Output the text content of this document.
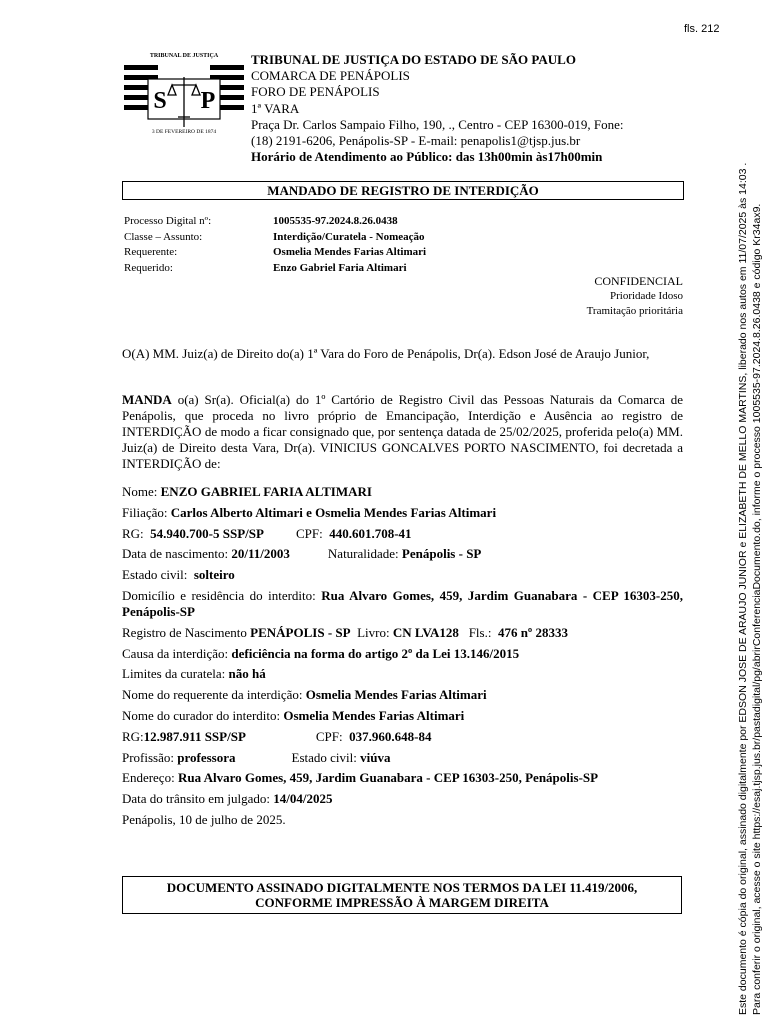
fls. 212
TRIBUNAL DE JUSTIÇA
S P
3 DE FEVEREIRO DE 1874
TRIBUNAL DE JUSTIÇA DO ESTADO DE SÃO PAULO
COMARCA DE PENÁPOLIS
FORO DE PENÁPOLIS
1ª VARA
Praça Dr. Carlos Sampaio Filho, 190, ., Centro - CEP 16300-019, Fone:
(18) 2191-6206, Penápolis-SP - E-mail: penapolis1@tjsp.jus.br
Horário de Atendimento ao Público: das 13h00min às17h00min
MANDADO DE REGISTRO DE INTERDIÇÃO
Processo Digital nº:	1005535-97.2024.8.26.0438
Classe – Assunto:	Interdição/Curatela - Nomeação
Requerente:	Osmelia Mendes Farias Altimari
Requerido:	Enzo Gabriel Faria Altimari
CONFIDENCIAL
Prioridade Idoso
Tramitação prioritária
O(A) MM. Juiz(a) de Direito do(a) 1ª Vara do Foro de Penápolis, Dr(a). Edson José de Araujo Junior,
MANDA o(a) Sr(a). Oficial(a) do 1º Cartório de Registro Civil das Pessoas Naturais da Comarca de Penápolis, que proceda no livro próprio de Emancipação, Interdição e Ausência ao registro de INTERDIÇÃO de modo a ficar consignado que, por sentença datada de 25/02/2025, proferida pelo(a) MM. Juiz(a) de Direito desta Vara, Dr(a). VINICIUS GONCALVES PORTO NASCIMENTO, foi decretada a INTERDIÇÃO de:
Nome: ENZO GABRIEL FARIA ALTIMARI
Filiação: Carlos Alberto Altimari e Osmelia Mendes Farias Altimari
RG: 54.940.700-5 SSP/SP CPF: 440.601.708-41
Data de nascimento: 20/11/2003	Naturalidade: Penápolis - SP
Estado civil: solteiro
Domicílio e residência do interdito: Rua Alvaro Gomes, 459, Jardim Guanabara - CEP 16303-250, Penápolis-SP
Registro de Nascimento PENÁPOLIS - SP Livro: CN LVA128 Fls.: 476 nº 28333
Causa da interdição: deficiência na forma do artigo 2º da Lei 13.146/2015
Limites da curatela: não há
Nome do requerente da interdição: Osmelia Mendes Farias Altimari
Nome do curador do interdito: Osmelia Mendes Farias Altimari
RG:12.987.911 SSP/SP	CPF: 037.960.648-84
Profissão: professora	Estado civil: viúva
Endereço: Rua Alvaro Gomes, 459, Jardim Guanabara - CEP 16303-250, Penápolis-SP
Data do trânsito em julgado: 14/04/2025
Penápolis, 10 de julho de 2025.
DOCUMENTO ASSINADO DIGITALMENTE NOS TERMOS DA LEI 11.419/2006,
CONFORME IMPRESSÃO À MARGEM DIREITA	Este documento é cópia do original, assinado digitalmente por EDSON JOSE DE ARAUJO JUNIOR e ELIZABETH DE MELLO MARTINS, liberado nos autos em 11/07/2025 às 14:03 . Para conferir o original, acesse o site https://esaj.tjsp.jus.br/pastadigital/pg/abrirConferenciaDocumento.do, informe o processo 1005535-97.2024.8.26.0438 e código Kr34ax9.
